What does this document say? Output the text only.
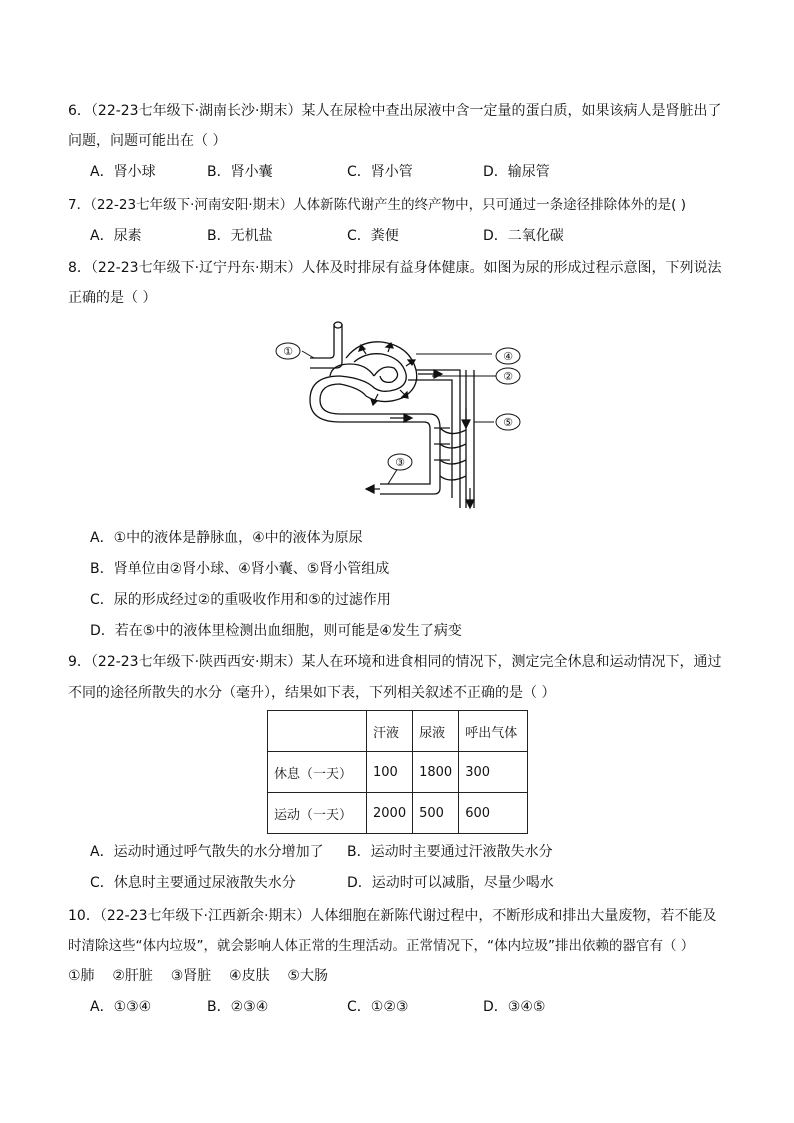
6．（22-23七年级下·湖南长沙·期末）某人在尿检中查出尿液中含一定量的蛋白质，如果该病人是肾脏出了
问题，问题可能出在（ ）
A．肾小球	B．肾小囊	C．肾小管	D．输尿管
7．（22-23七年级下·河南安阳·期末）人体新陈代谢产生的终产物中，只可通过一条途径排除体外的是( )
A．尿素	B．无机盐	C．粪便	D．二氧化碳
8．（22-23七年级下·辽宁丹东·期末）人体及时排尿有益身体健康。如图为尿的形成过程示意图，下列说法
正确的是（ ）
①
②
③
④
⑤
A．①中的液体是静脉血，④中的液体为原尿
B．肾单位由②肾小球、④肾小囊、⑤肾小管组成
C．尿的形成经过②的重吸收作用和⑤的过滤作用
D．若在⑤中的液体里检测出血细胞，则可能是④发生了病变
9．（22-23七年级下·陕西西安·期末）某人在环境和进食相同的情况下，测定完全休息和运动情况下，通过
不同的途径所散失的水分（毫升），结果如下表，下列相关叙述不正确的是（ ）
	汗液	尿液	呼出气体
休息（一天）	100	1800	300
运动（一天）	2000	500	600
A．运动时通过呼气散失的水分增加了 B．运动时主要通过汗液散失水分
C．休息时主要通过尿液散失水分	D．运动时可以减脂，尽量少喝水
10．（22-23七年级下·江西新余·期末）人体细胞在新陈代谢过程中，不断形成和排出大量废物，若不能及
时清除这些“体内垃圾”，就会影响人体正常的生理活动。正常情况下，“体内垃圾”排出依赖的器官有（ ）
①肺    ②肝脏    ③肾脏    ④皮肤    ⑤大肠
A．①③④	B．②③④	C．①②③	D．③④⑤
